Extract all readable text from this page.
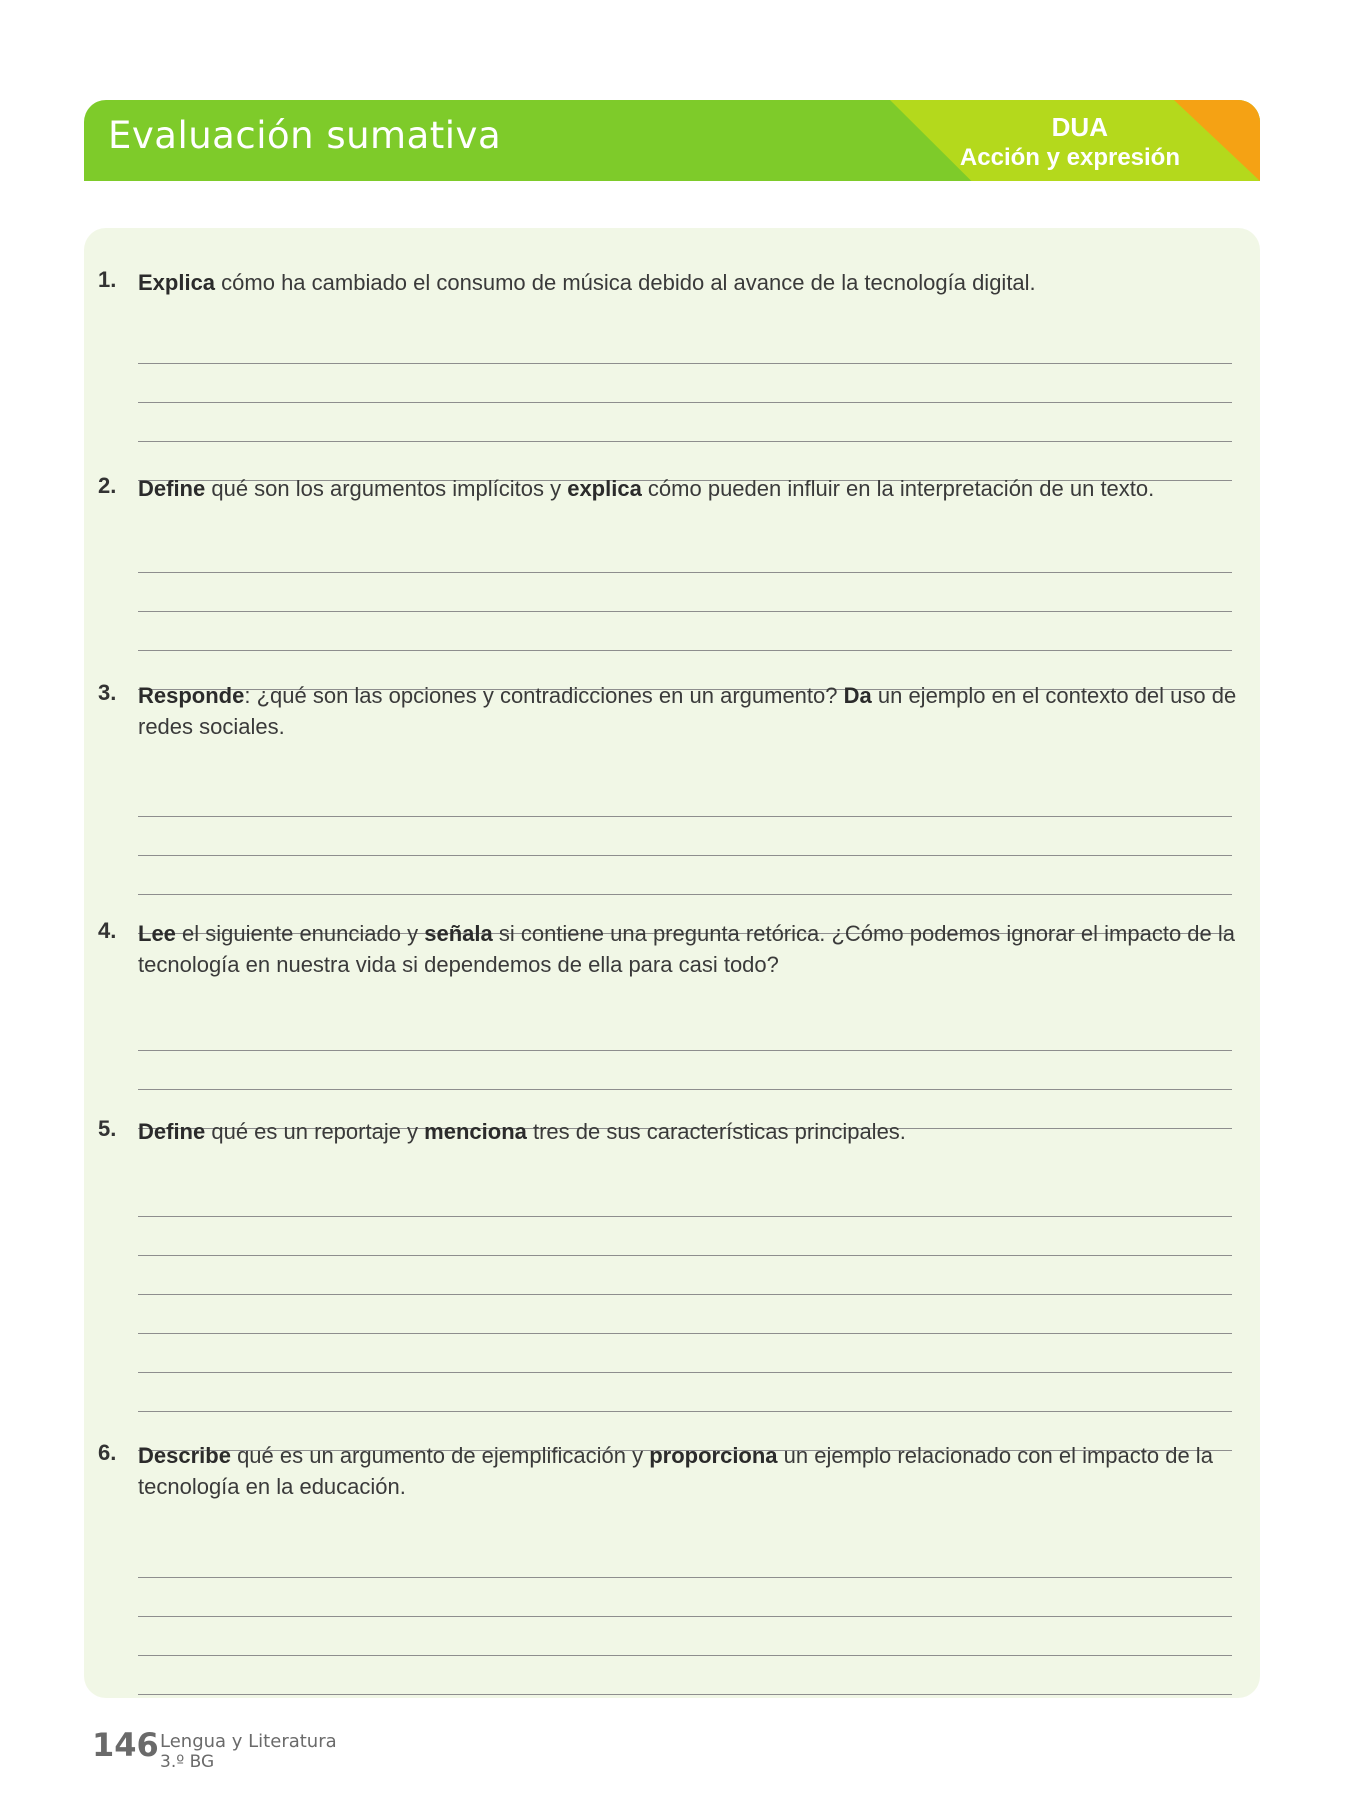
Evaluación sumativa	DUA
Acción y expresión
1. Explica cómo ha cambiado el consumo de música debido al avance de la tecnología digital.

2. Define qué son los argumentos implícitos y explica cómo pueden influir en la interpretación de un texto.

3. Responde: ¿qué son las opciones y contradicciones en un argumento? Da un ejemplo en el contexto del uso de redes sociales.

4. Lee el siguiente enunciado y señala si contiene una pregunta retórica. ¿Cómo podemos ignorar el impacto de la tecnología en nuestra vida si dependemos de ella para casi todo?

5. Define qué es un reportaje y menciona tres de sus características principales.

6. Describe qué es un argumento de ejemplificación y proporciona un ejemplo relacionado con el impacto de la tecnología en la educación.

146 Lengua y Literatura
3.º BG
